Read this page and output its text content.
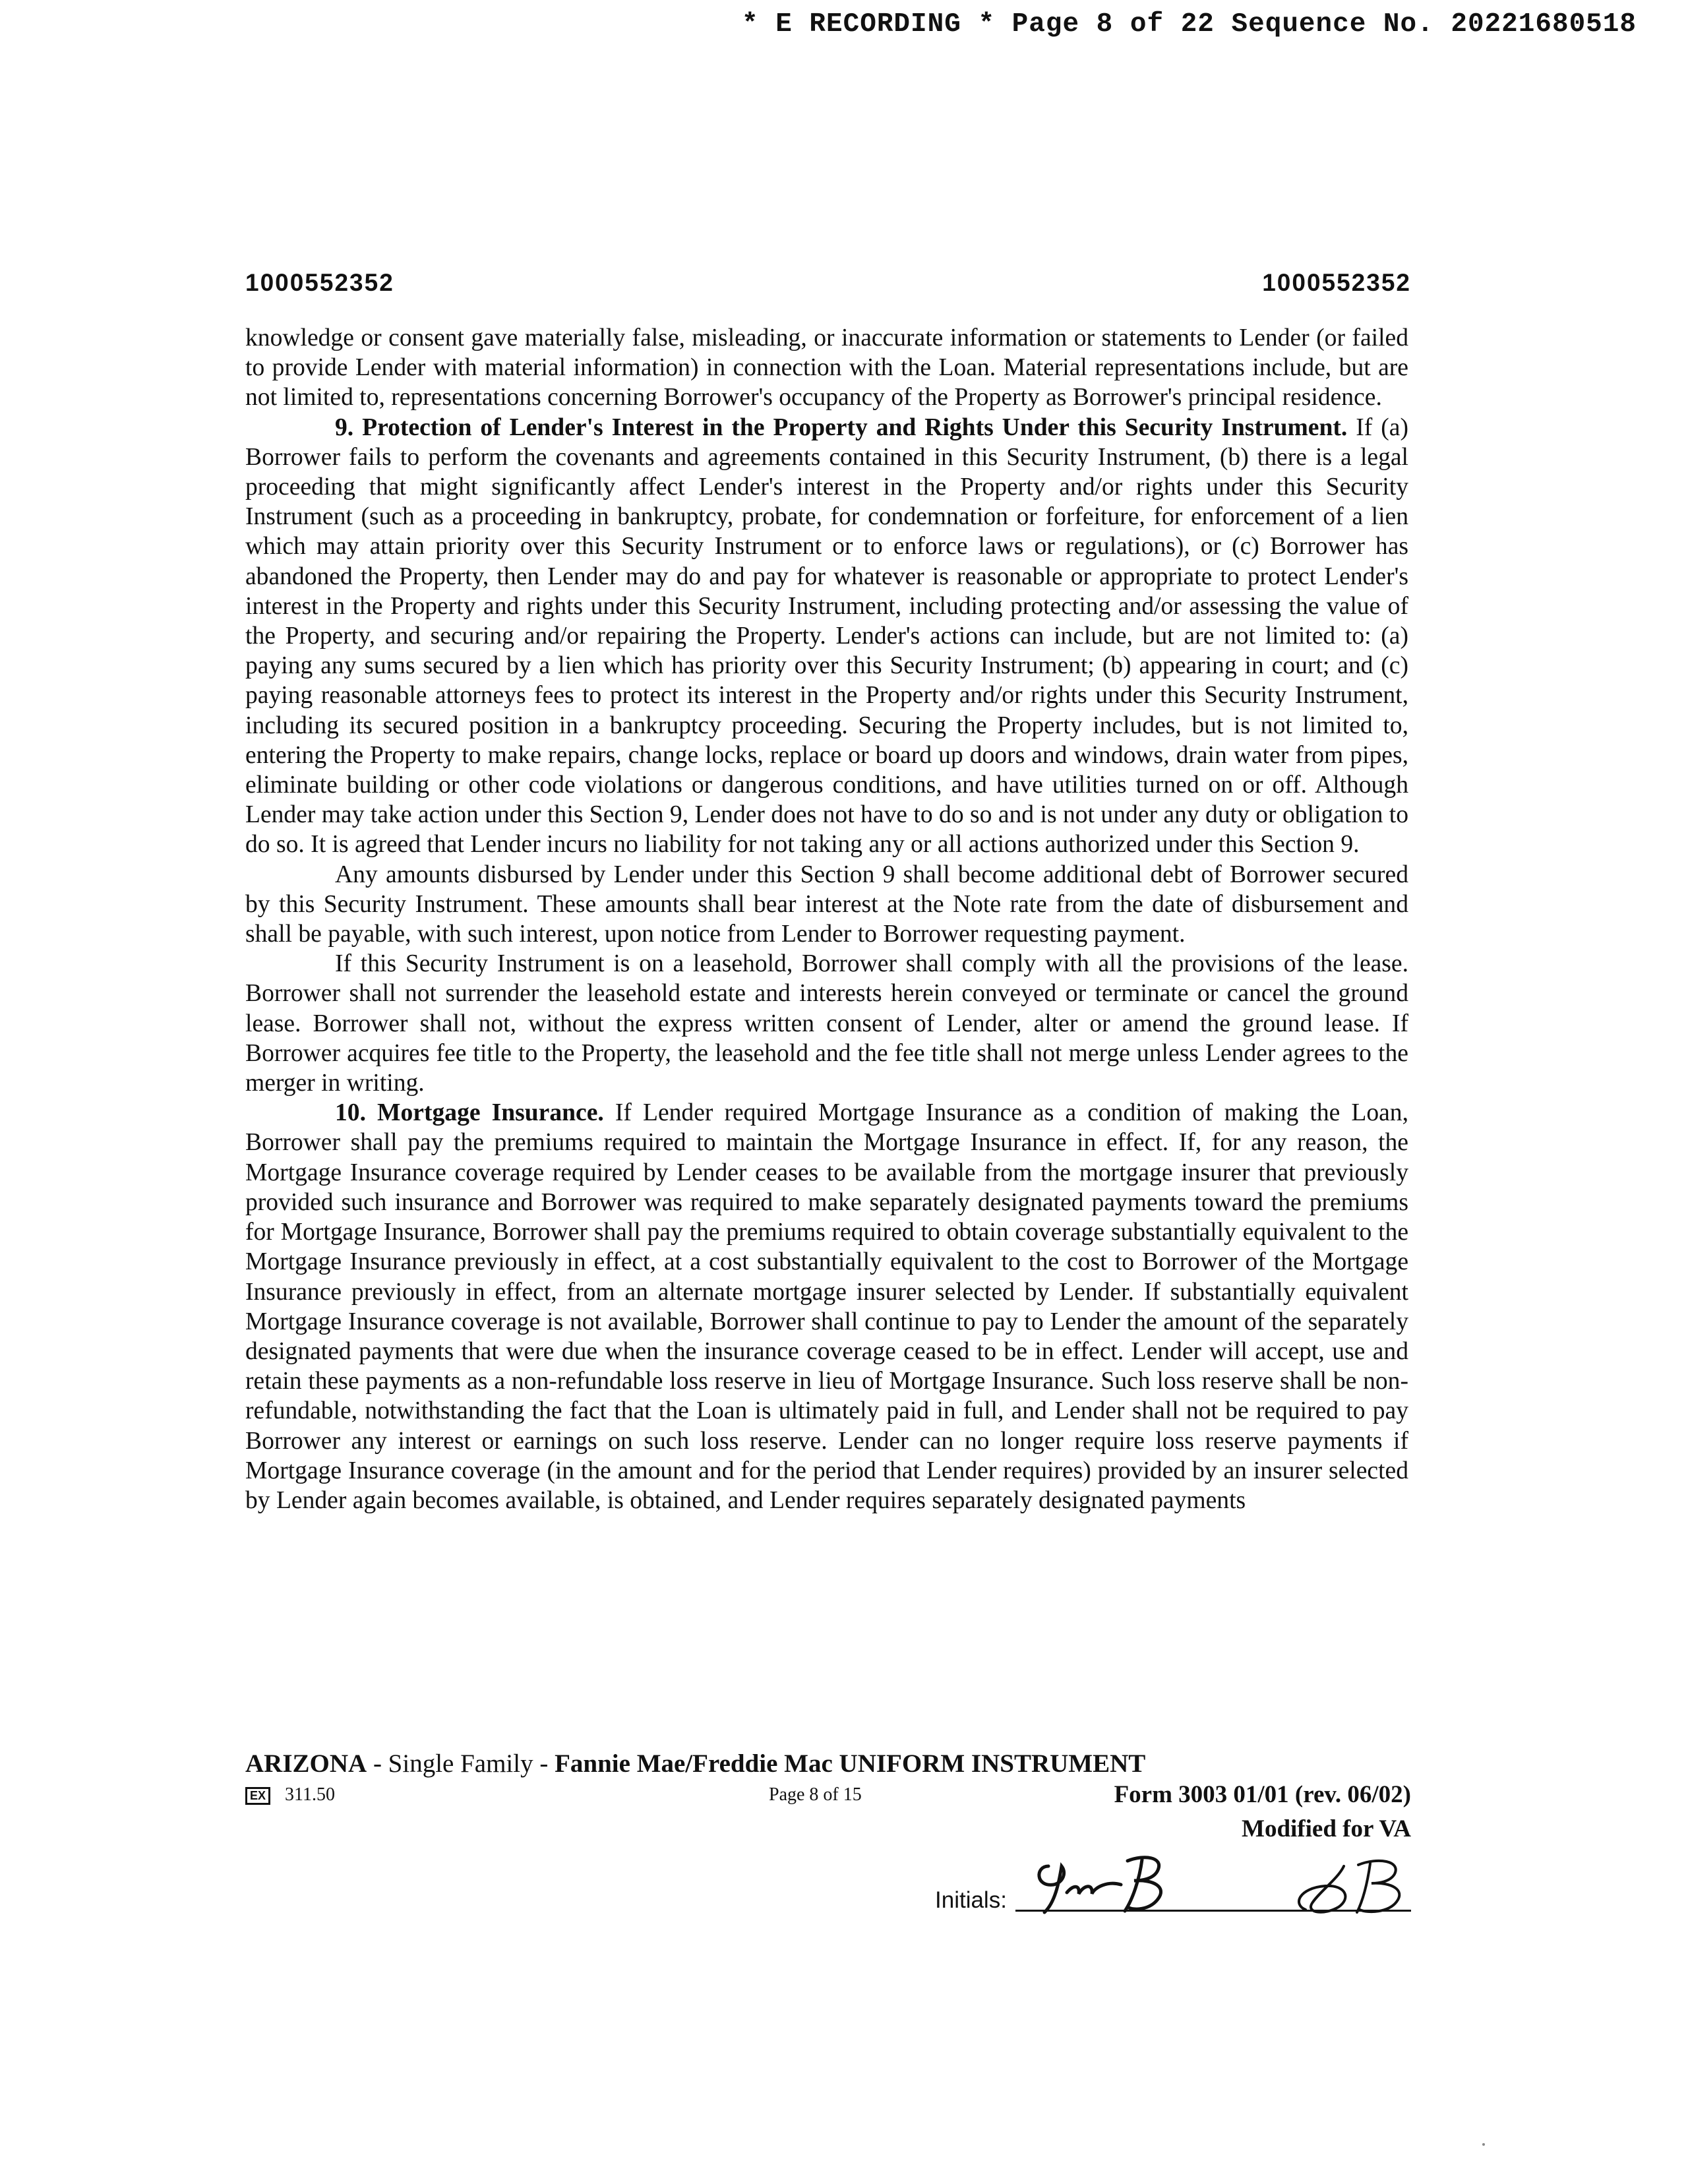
* E RECORDING * Page 8 of 22 Sequence No. 20221680518
1000552352	1000552352

knowledge or consent gave materially false, misleading, or inaccurate information or statements to Lender (or failed to provide Lender with material information) in connection with the Loan. Material representations include, but are not limited to, representations concerning Borrower's occupancy of the Property as Borrower's principal residence.

9. Protection of Lender's Interest in the Property and Rights Under this Security Instrument. If (a) Borrower fails to perform the covenants and agreements contained in this Security Instrument, (b) there is a legal proceeding that might significantly affect Lender's interest in the Property and/or rights under this Security Instrument (such as a proceeding in bankruptcy, probate, for condemnation or forfeiture, for enforcement of a lien which may attain priority over this Security Instrument or to enforce laws or regulations), or (c) Borrower has abandoned the Property, then Lender may do and pay for whatever is reasonable or appropriate to protect Lender's interest in the Property and rights under this Security Instrument, including protecting and/or assessing the value of the Property, and securing and/or repairing the Property. Lender's actions can include, but are not limited to: (a) paying any sums secured by a lien which has priority over this Security Instrument; (b) appearing in court; and (c) paying reasonable attorneys fees to protect its interest in the Property and/or rights under this Security Instrument, including its secured position in a bankruptcy proceeding. Securing the Property includes, but is not limited to, entering the Property to make repairs, change locks, replace or board up doors and windows, drain water from pipes, eliminate building or other code violations or dangerous conditions, and have utilities turned on or off. Although Lender may take action under this Section 9, Lender does not have to do so and is not under any duty or obligation to do so. It is agreed that Lender incurs no liability for not taking any or all actions authorized under this Section 9.

Any amounts disbursed by Lender under this Section 9 shall become additional debt of Borrower secured by this Security Instrument. These amounts shall bear interest at the Note rate from the date of disbursement and shall be payable, with such interest, upon notice from Lender to Borrower requesting payment.

If this Security Instrument is on a leasehold, Borrower shall comply with all the provisions of the lease. Borrower shall not surrender the leasehold estate and interests herein conveyed or terminate or cancel the ground lease. Borrower shall not, without the express written consent of Lender, alter or amend the ground lease. If Borrower acquires fee title to the Property, the leasehold and the fee title shall not merge unless Lender agrees to the merger in writing.

10. Mortgage Insurance. If Lender required Mortgage Insurance as a condition of making the Loan, Borrower shall pay the premiums required to maintain the Mortgage Insurance in effect. If, for any reason, the Mortgage Insurance coverage required by Lender ceases to be available from the mortgage insurer that previously provided such insurance and Borrower was required to make separately designated payments toward the premiums for Mortgage Insurance, Borrower shall pay the premiums required to obtain coverage substantially equivalent to the Mortgage Insurance previously in effect, at a cost substantially equivalent to the cost to Borrower of the Mortgage Insurance previously in effect, from an alternate mortgage insurer selected by Lender. If substantially equivalent Mortgage Insurance coverage is not available, Borrower shall continue to pay to Lender the amount of the separately designated payments that were due when the insurance coverage ceased to be in effect. Lender will accept, use and retain these payments as a non-refundable loss reserve in lieu of Mortgage Insurance. Such loss reserve shall be non-refundable, notwithstanding the fact that the Loan is ultimately paid in full, and Lender shall not be required to pay Borrower any interest or earnings on such loss reserve. Lender can no longer require loss reserve payments if Mortgage Insurance coverage (in the amount and for the period that Lender requires) provided by an insurer selected by Lender again becomes available, is obtained, and Lender requires separately designated payments

ARIZONA - Single Family - Fannie Mae/Freddie Mac UNIFORM INSTRUMENT
EX 311.50	Page 8 of 15	Form 3003 01/01 (rev. 06/02)
Modified for VA
Initials:
